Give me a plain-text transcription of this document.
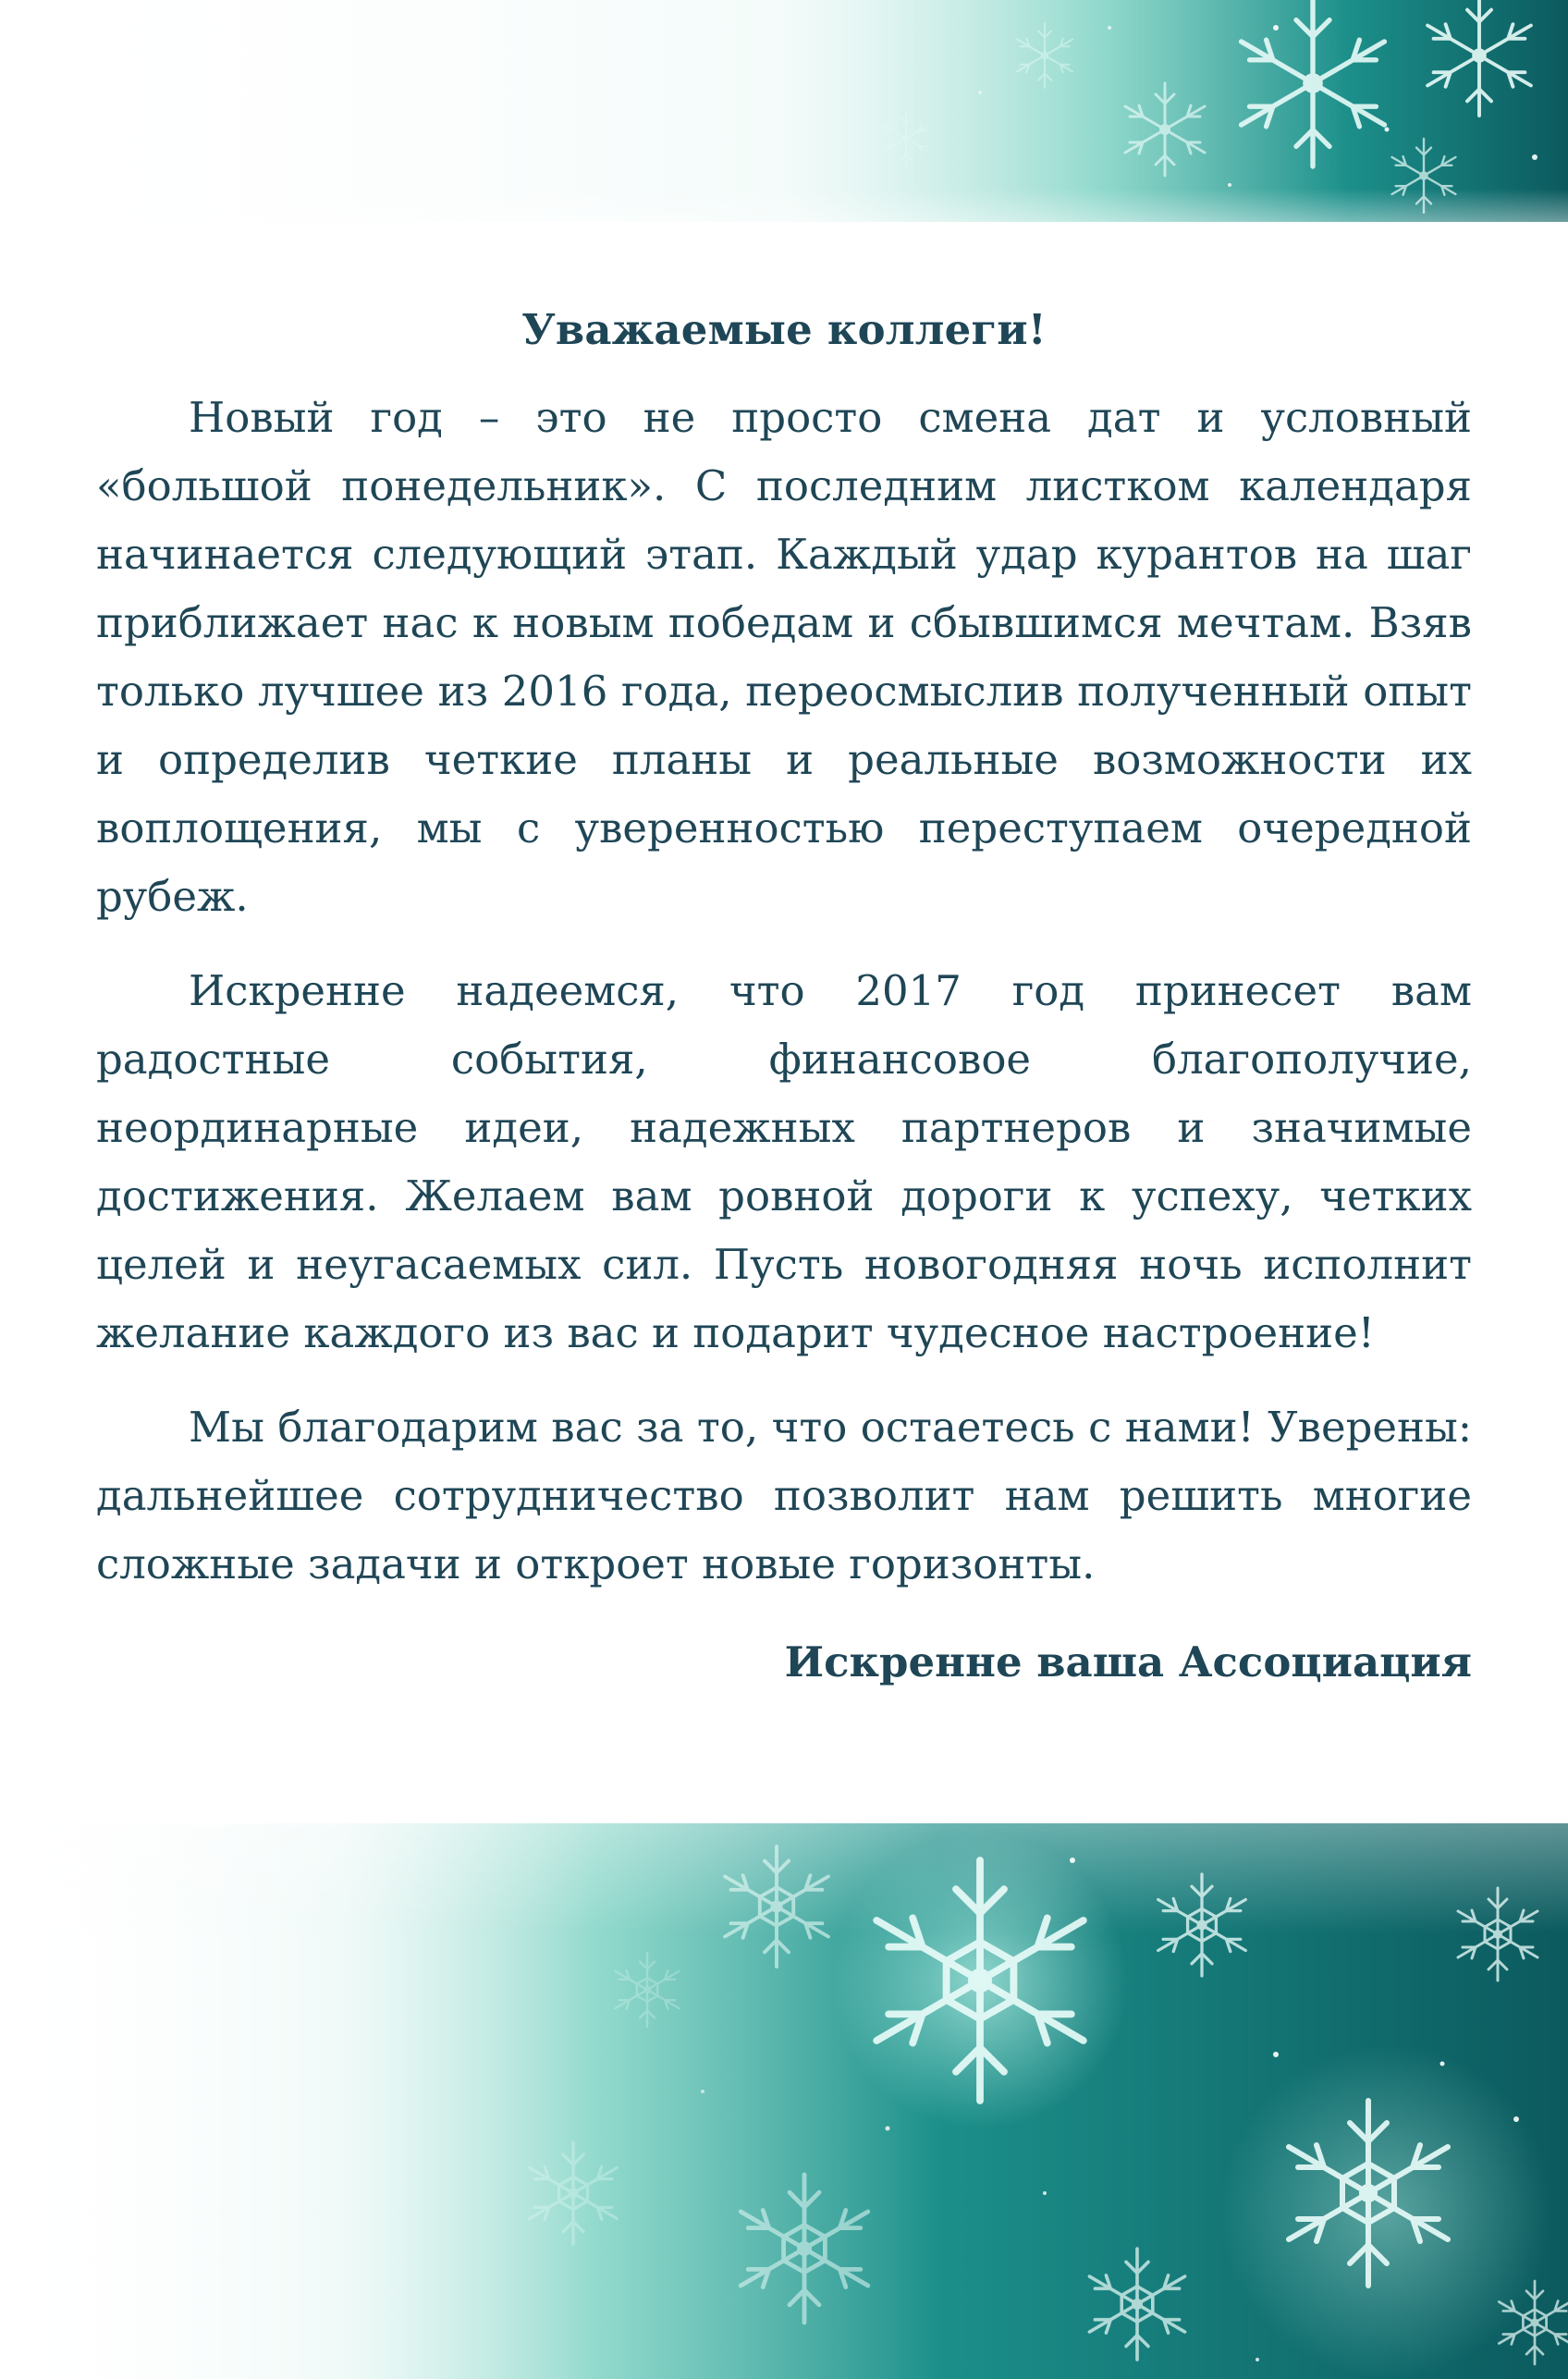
Уважаемые коллеги!

Новый год – это не просто смена дат и условный «большой понедельник». С последним листком календаря начинается следующий этап. Каждый удар курантов на шаг приближает нас к новым победам и сбывшимся мечтам. Взяв только лучшее из 2016 года, переосмыслив полученный опыт и определив четкие планы и реальные возможности их воплощения, мы с уверенностью переступаем очередной рубеж.

Искренне надеемся, что 2017 год принесет вам радостные события, финансовое благополучие, неординарные идеи, надежных партнеров и значимые достижения. Желаем вам ровной дороги к успеху, четких целей и неугасаемых сил. Пусть новогодняя ночь исполнит желание каждого из вас и подарит чудесное настроение!

Мы благодарим вас за то, что остаетесь с нами! Уверены: дальнейшее сотрудничество позволит нам решить многие сложные задачи и откроет новые горизонты.

Искренне ваша Ассоциация
